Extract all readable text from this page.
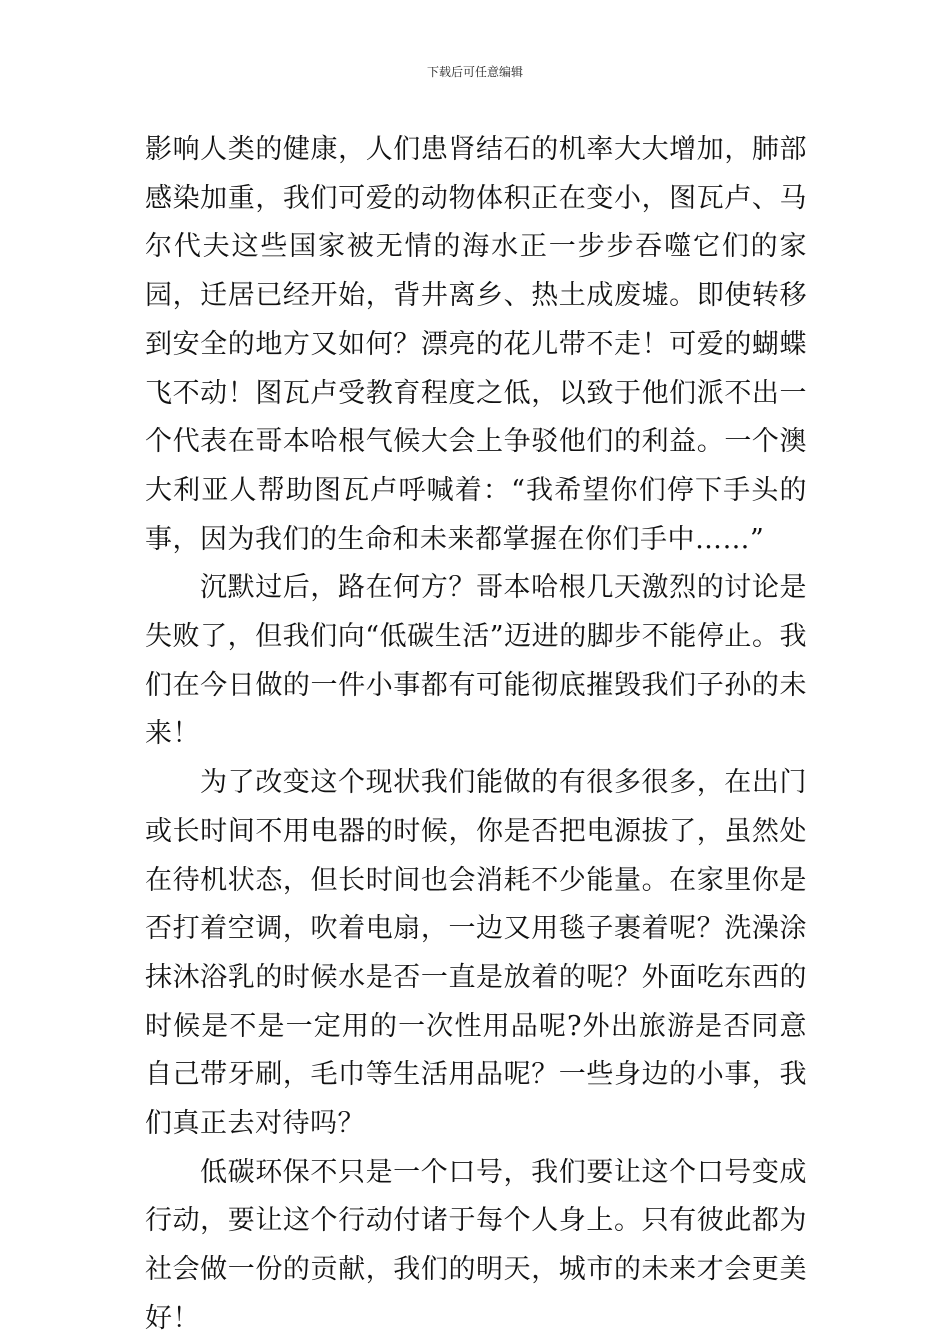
下载后可任意编辑

影响人类的健康，人们患肾结石的机率大大增加，肺部感染加重，我们可爱的动物体积正在变小，图瓦卢、马尔代夫这些国家被无情的海水正一步步吞噬它们的家园，迁居已经开始，背井离乡、热土成废墟。即使转移到安全的地方又如何？漂亮的花儿带不走！可爱的蝴蝶飞不动！图瓦卢受教育程度之低，以致于他们派不出一个代表在哥本哈根气候大会上争驳他们的利益。一个澳大利亚人帮助图瓦卢呼喊着：“我希望你们停下手头的事，因为我们的生命和未来都掌握在你们手中……”

沉默过后，路在何方？哥本哈根几天激烈的讨论是失败了，但我们向“低碳生活”迈进的脚步不能停止。我们在今日做的一件小事都有可能彻底摧毁我们子孙的未来！

为了改变这个现状我们能做的有很多很多，在出门或长时间不用电器的时候，你是否把电源拔了，虽然处在待机状态，但长时间也会消耗不少能量。在家里你是否打着空调，吹着电扇，一边又用毯子裹着呢？洗澡涂抹沐浴乳的时候水是否一直是放着的呢？外面吃东西的时候是不是一定用的一次性用品呢?外出旅游是否同意自己带牙刷，毛巾等生活用品呢？一些身边的小事，我们真正去对待吗？

低碳环保不只是一个口号，我们要让这个口号变成行动，要让这个行动付诸于每个人身上。只有彼此都为社会做一份的贡献，我们的明天，城市的未来才会更美好！
